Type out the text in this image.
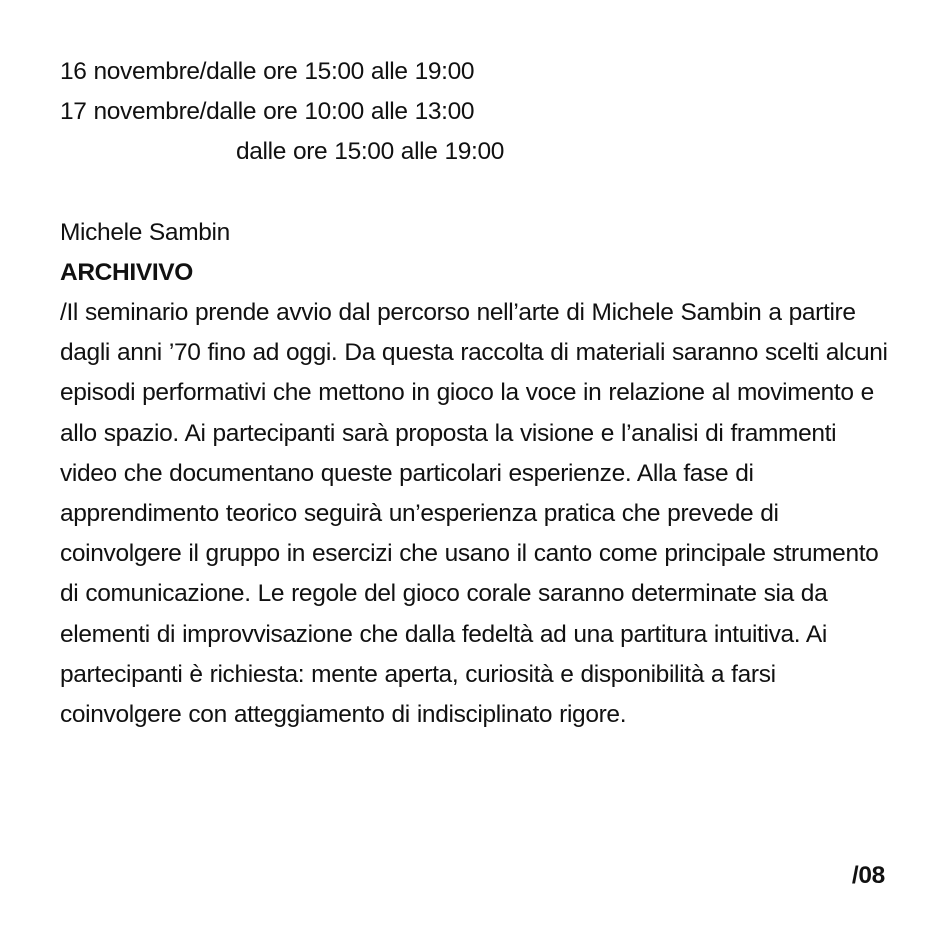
16 novembre/dalle ore 15:00 alle 19:00
17 novembre/dalle ore 10:00 alle 13:00
dalle ore 15:00 alle 19:00
Michele Sambin
ARCHIVIVO
/Il seminario prende avvio dal percorso nell’arte di Michele Sambin a partire dagli anni ’70 fino ad oggi. Da questa raccolta di materiali saranno scelti alcuni episodi performativi che mettono in gioco la voce in relazione al movimento e allo spazio. Ai partecipanti sarà proposta la visione e l’analisi di frammenti video che documentano queste particolari esperienze. Alla fase di apprendimento teorico seguirà un’esperienza pratica che prevede di coinvolgere il gruppo in esercizi che usano il canto come principale strumento di comunicazione. Le regole del gioco corale saranno determinate sia da elementi di improvvisazione che dalla fedeltà ad una partitura intuitiva. Ai partecipanti è richiesta: mente aperta, curiosità e disponibilità a farsi coinvolgere con atteggiamento di indisciplinato rigore.
/08
